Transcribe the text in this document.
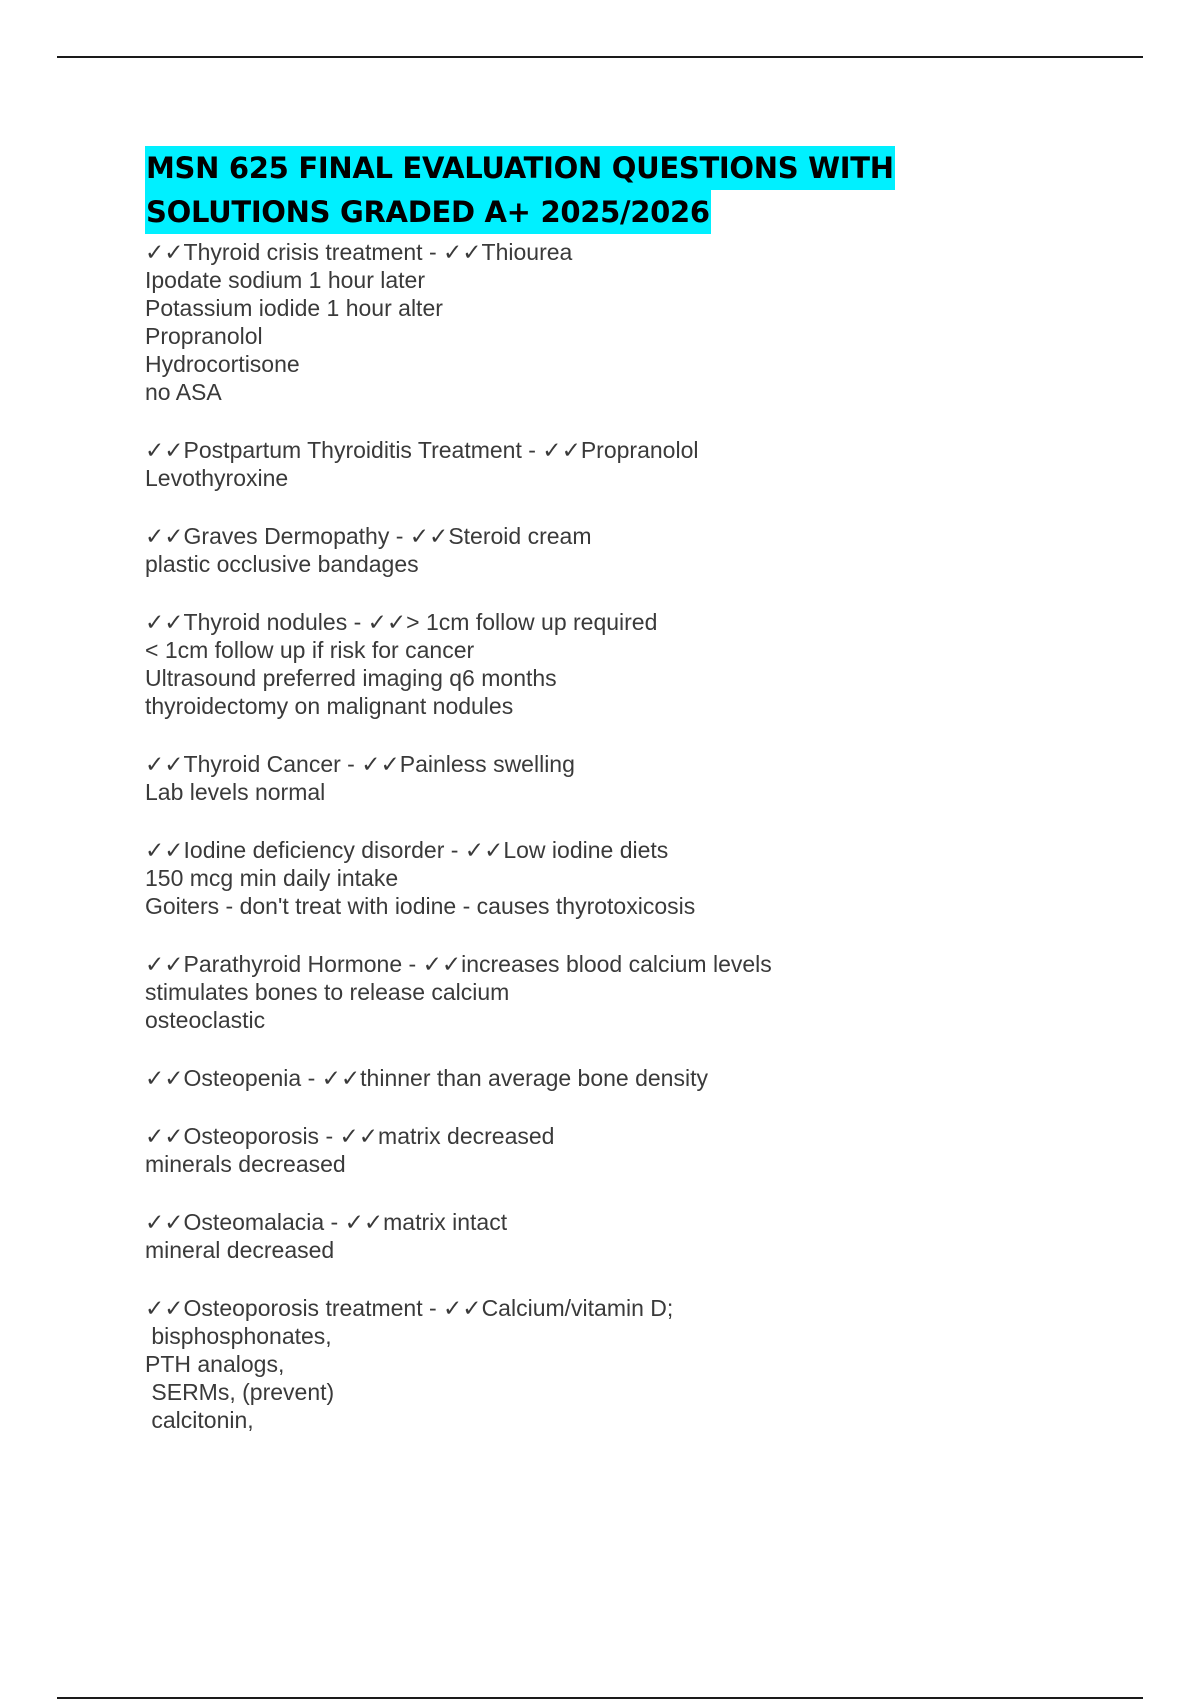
MSN 625 FINAL EVALUATION QUESTIONS WITH
SOLUTIONS GRADED A+ 2025/2026
✓✓Thyroid crisis treatment - ✓✓Thiourea
Ipodate sodium 1 hour later
Potassium iodide 1 hour alter
Propranolol
Hydrocortisone
no ASA
✓✓Postpartum Thyroiditis Treatment - ✓✓Propranolol
Levothyroxine
✓✓Graves Dermopathy - ✓✓Steroid cream
plastic occlusive bandages
✓✓Thyroid nodules - ✓✓> 1cm follow up required
< 1cm follow up if risk for cancer
Ultrasound preferred imaging q6 months
thyroidectomy on malignant nodules
✓✓Thyroid Cancer - ✓✓Painless swelling
Lab levels normal
✓✓Iodine deficiency disorder - ✓✓Low iodine diets
150 mcg min daily intake
Goiters - don't treat with iodine - causes thyrotoxicosis
✓✓Parathyroid Hormone - ✓✓increases blood calcium levels
stimulates bones to release calcium
osteoclastic
✓✓Osteopenia - ✓✓thinner than average bone density
✓✓Osteoporosis - ✓✓matrix decreased
minerals decreased
✓✓Osteomalacia - ✓✓matrix intact
mineral decreased
✓✓Osteoporosis treatment - ✓✓Calcium/vitamin D;
bisphosphonates,
PTH analogs,
SERMs, (prevent)
calcitonin,
